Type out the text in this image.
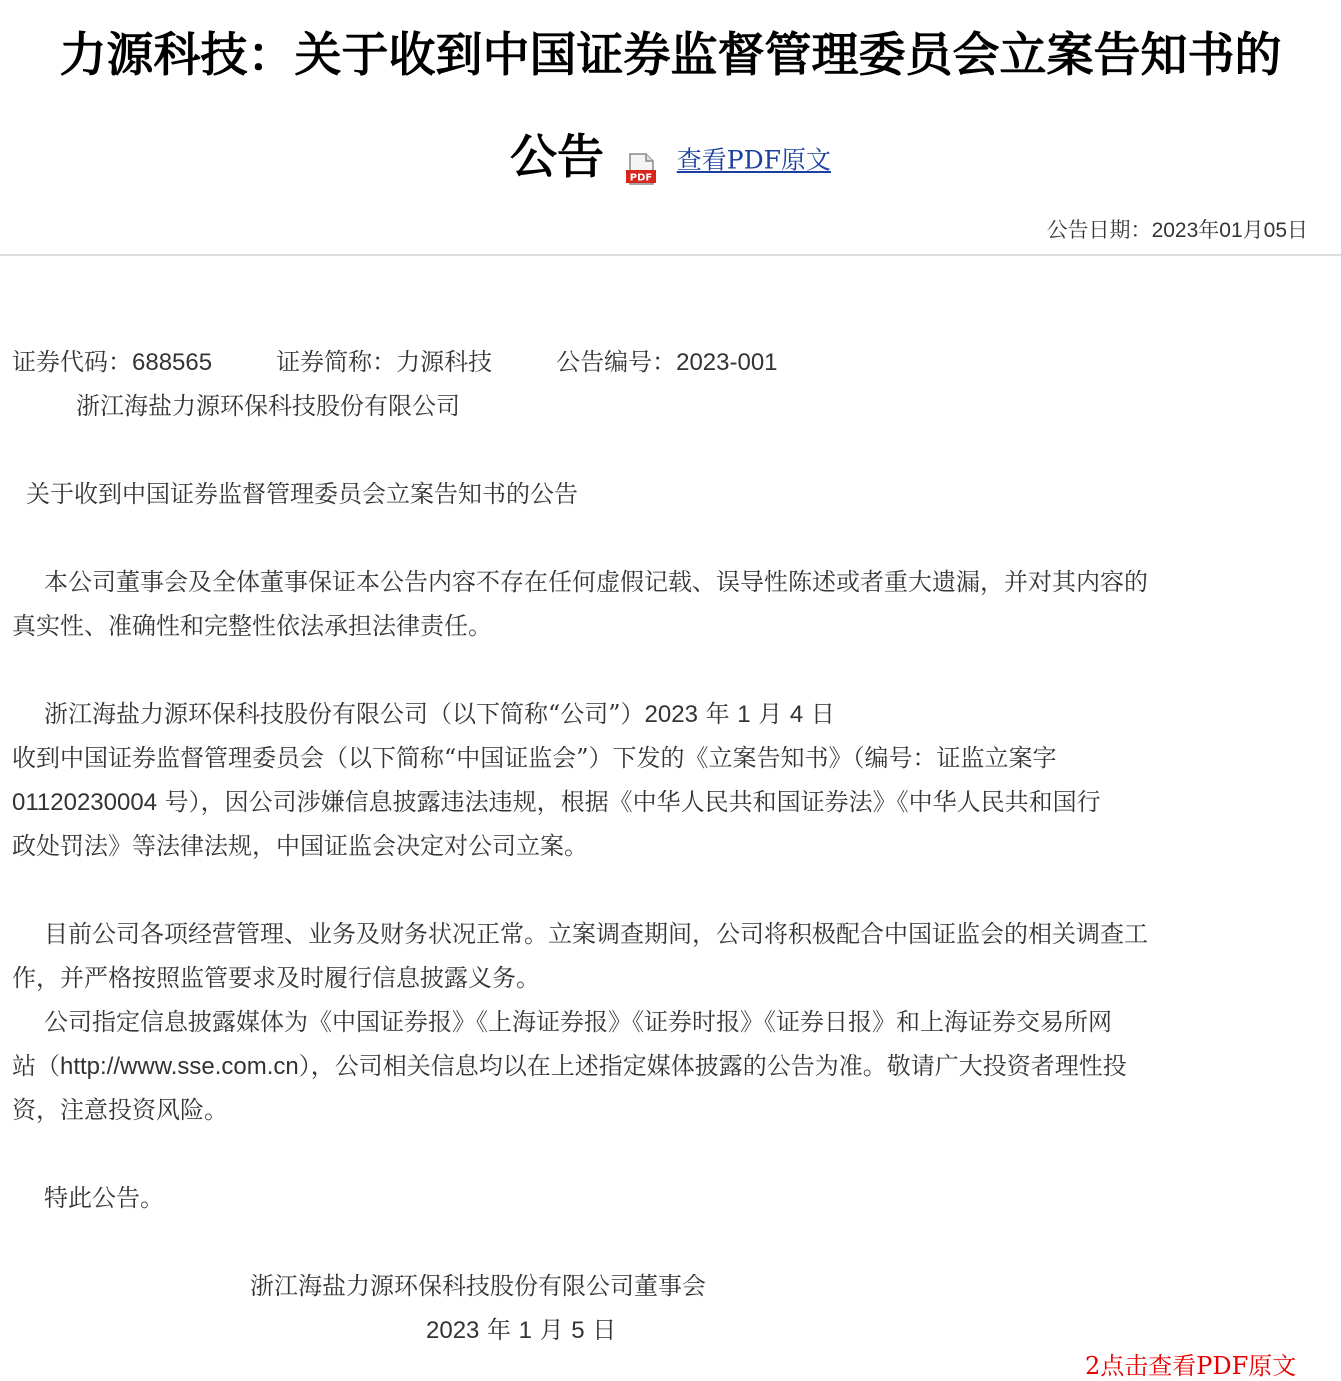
力源科技：关于收到中国证券监督管理委员会立案告知书的
公告	PDF
查看PDF原文
公告日期：2023年01月05日
证券代码：688565	证券简称：力源科技	公告编号：2023-001
浙江海盐力源环保科技股份有限公司
关于收到中国证券监督管理委员会立案告知书的公告
本公司董事会及全体董事保证本公告内容不存在任何虚假记载、误导性陈述或者重大遗漏，并对其内容的
真实性、准确性和完整性依法承担法律责任。
浙江海盐力源环保科技股份有限公司（以下简称“公司”）2023 年 1 月 4 日
收到中国证券监督管理委员会（以下简称“中国证监会”）下发的《立案告知书》（编号：证监立案字
01120230004 号），因公司涉嫌信息披露违法违规，根据《中华人民共和国证券法》《中华人民共和国行
政处罚法》等法律法规，中国证监会决定对公司立案。
目前公司各项经营管理、业务及财务状况正常。立案调查期间，公司将积极配合中国证监会的相关调查工
作，并严格按照监管要求及时履行信息披露义务。
公司指定信息披露媒体为《中国证券报》《上海证券报》《证券时报》《证券日报》和上海证券交易所网
站（http://www.sse.com.cn），公司相关信息均以在上述指定媒体披露的公告为准。敬请广大投资者理性投
资，注意投资风险。
特此公告。
浙江海盐力源环保科技股份有限公司董事会
2023 年 1 月 5 日
2点击查看PDF原文
